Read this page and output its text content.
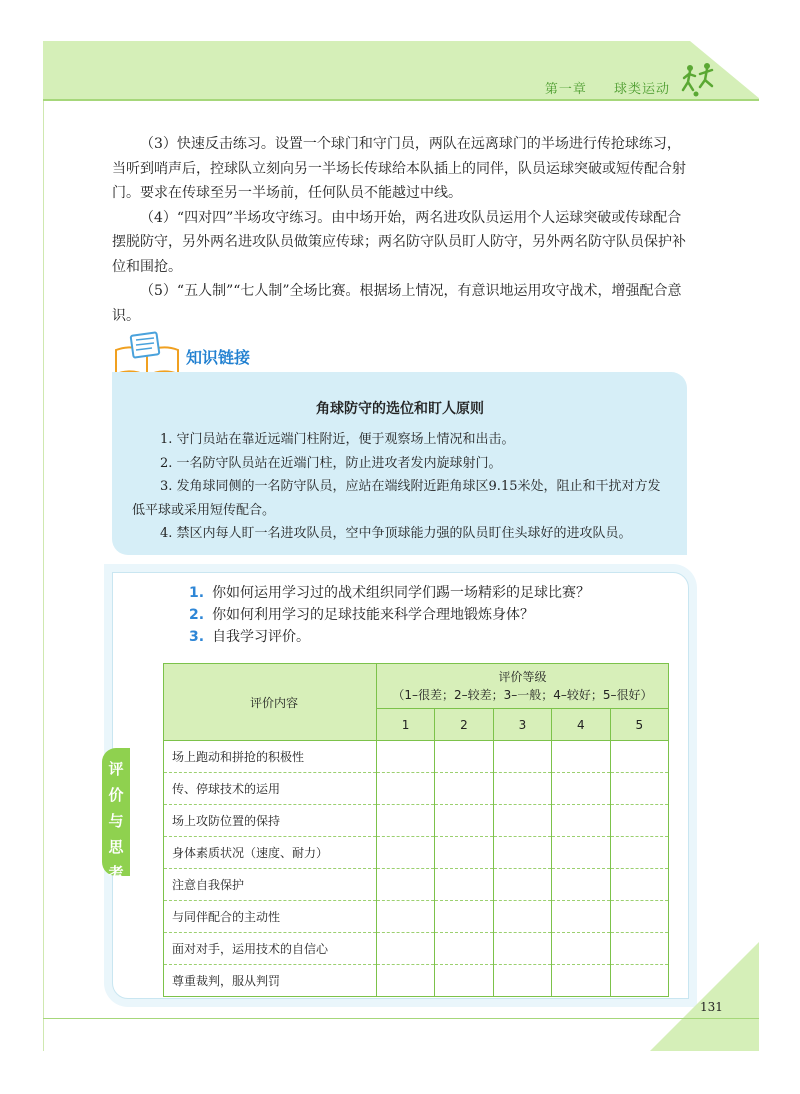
第一章 球类运动

（3）快速反击练习。设置一个球门和守门员，两队在远离球门的半场进行传抢球练习，当听到哨声后，控球队立刻向另一半场长传球给本队插上的同伴，队员运球突破或短传配合射门。要求在传球至另一半场前，任何队员不能越过中线。

（4）“四对四”半场攻守练习。由中场开始，两名进攻队员运用个人运球突破或传球配合摆脱防守，另外两名进攻队员做策应传球；两名防守队员盯人防守，另外两名防守队员保护补位和围抢。

（5）“五人制”“七人制”全场比赛。根据场上情况，有意识地运用攻守战术，增强配合意识。

知识链接
角球防守的选位和盯人原则

1. 守门员站在靠近远端门柱附近，便于观察场上情况和出击。

2. 一名防守队员站在近端门柱，防止进攻者发内旋球射门。

3. 发角球同侧的一名防守队员，应站在端线附近距角球区9.15米处，阻止和干扰对方发低平球或采用短传配合。

4. 禁区内每人盯一名进攻队员，空中争顶球能力强的队员盯住头球好的进攻队员。

1. 你如何运用学习过的战术组织同学们踢一场精彩的足球比赛？

2. 你如何利用学习的足球技能来科学合理地锻炼身体？

3. 自我学习评价。

评价与思考
评价内容	评价等级
（1–很差；2–较差；3–一般；4–较好；5–很好）				

	1	2	3	4	5
场上跑动和拼抢的积极性					
传、停球技术的运用					
场上攻防位置的保持					
身体素质状况（速度、耐力）					
注意自我保护					
与同伴配合的主动性					
面对对手，运用技术的自信心					
尊重裁判，服从判罚					
131
